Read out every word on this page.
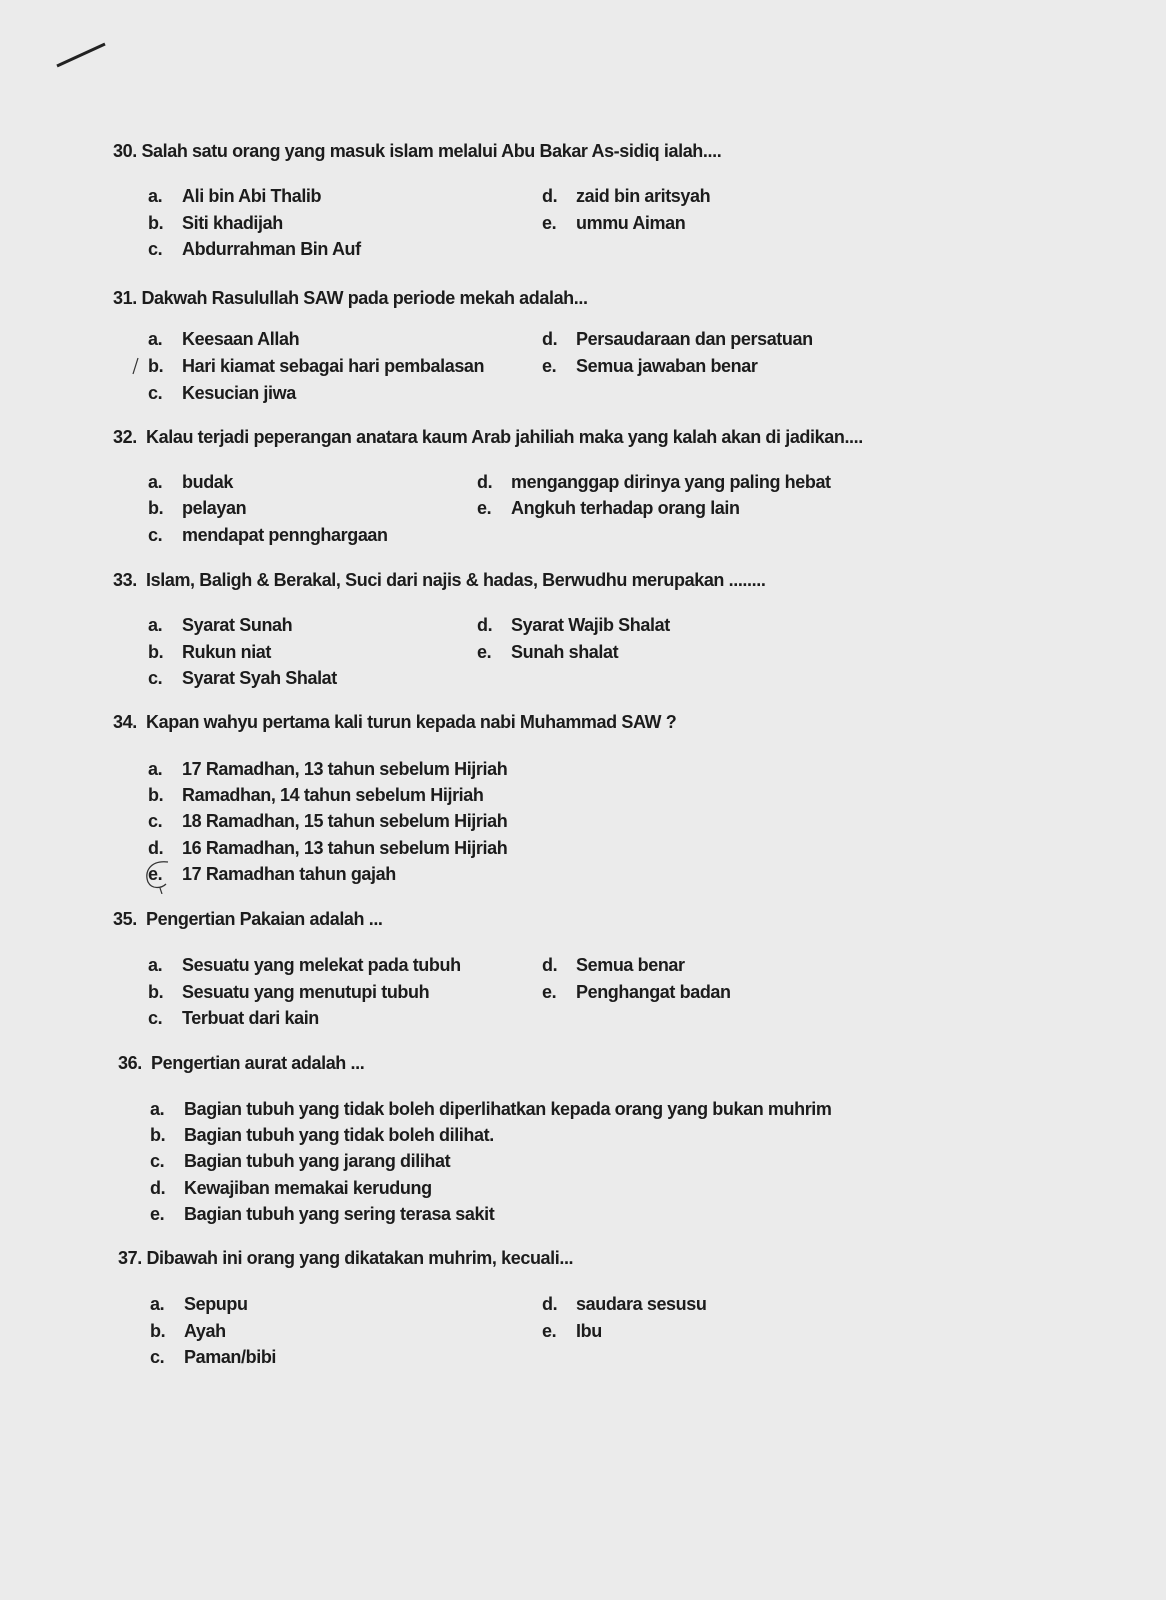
30. Salah satu orang yang masuk islam melalui Abu Bakar As-sidiq ialah....
a. Ali bin Abi Thalib
b. Siti khadijah
c. Abdurrahman Bin Auf
d. zaid bin aritsyah
e. ummu Aiman
31. Dakwah Rasulullah SAW pada periode mekah adalah...
a. Keesaan Allah
b. Hari kiamat sebagai hari pembalasan
c. Kesucian jiwa
d. Persaudaraan dan persatuan
e. Semua jawaban benar
32. Kalau terjadi peperangan anatara kaum Arab jahiliah maka yang kalah akan di jadikan....
a. budak
b. pelayan
c. mendapat pennghargaan
d. menganggap dirinya yang paling hebat
e. Angkuh terhadap orang lain
33. Islam, Baligh & Berakal, Suci dari najis & hadas, Berwudhu merupakan ........
a. Syarat Sunah
b. Rukun niat
c. Syarat Syah Shalat
d. Syarat Wajib Shalat
e. Sunah shalat
34. Kapan wahyu pertama kali turun kepada nabi Muhammad SAW ?
a. 17 Ramadhan, 13 tahun sebelum Hijriah
b. Ramadhan, 14 tahun sebelum Hijriah
c. 18 Ramadhan, 15 tahun sebelum Hijriah
d. 16 Ramadhan, 13 tahun sebelum Hijriah
e. 17 Ramadhan tahun gajah
35. Pengertian Pakaian adalah ...
a. Sesuatu yang melekat pada tubuh
b. Sesuatu yang menutupi tubuh
c. Terbuat dari kain
d. Semua benar
e. Penghangat badan
36. Pengertian aurat adalah ...
a. Bagian tubuh yang tidak boleh diperlihatkan kepada orang yang bukan muhrim
b. Bagian tubuh yang tidak boleh dilihat.
c. Bagian tubuh yang jarang dilihat
d. Kewajiban memakai kerudung
e. Bagian tubuh yang sering terasa sakit
37. Dibawah ini orang yang dikatakan muhrim, kecuali...
a. Sepupu
b. Ayah
c. Paman/bibi
d. saudara sesusu
e. Ibu
